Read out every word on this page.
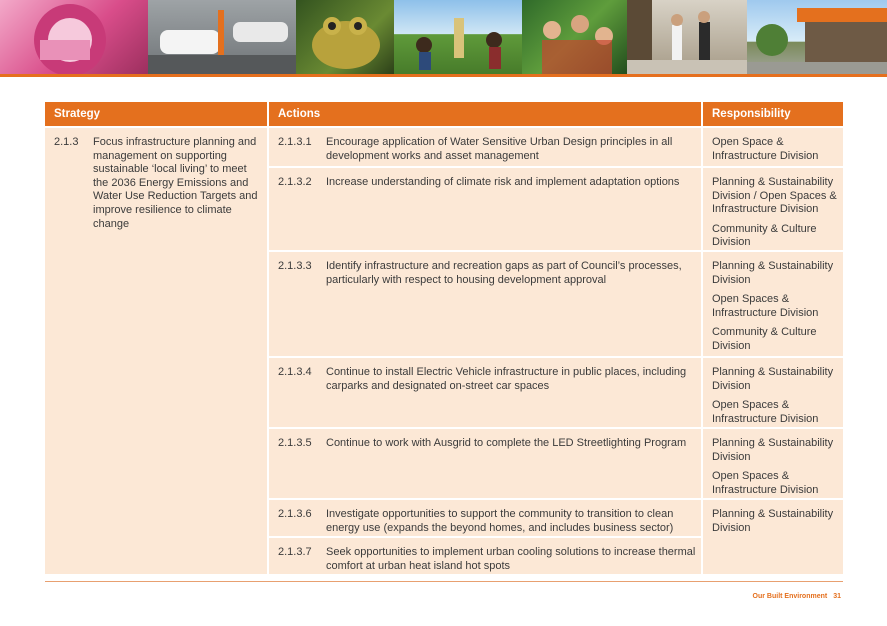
Strategy	Actions	Responsibility
2.1.3 Focus infrastructure planning and management on supporting sustainable ‘local living’ to meet the 2036 Energy Emissions and Water Use Reduction Targets and improve resilience to climate change
2.1.3.1 Encourage application of Water Sensitive Urban Design principles in all development works and asset management
2.1.3.2 Increase understanding of climate risk and implement adaptation options
2.1.3.3 Identify infrastructure and recreation gaps as part of Council’s processes, particularly with respect to housing development approval
2.1.3.4 Continue to install Electric Vehicle infrastructure in public places, including carparks and designated on-street car spaces
2.1.3.5 Continue to work with Ausgrid to complete the LED Streetlighting Program
2.1.3.6 Investigate opportunities to support the community to transition to clean energy use (expands the beyond homes, and includes business sector)
2.1.3.7 Seek opportunities to implement urban cooling solutions to increase thermal comfort at urban heat island hot spots

Open Space & Infrastructure Division

Planning & Sustainability Division / Open Spaces & Infrastructure Division

Community & Culture Division

Planning & Sustainability Division

Open Spaces & Infrastructure Division

Community & Culture Division

Planning & Sustainability Division

Open Spaces & Infrastructure Division

Planning & Sustainability Division

Open Spaces & Infrastructure Division

Planning & Sustainability Division

Our Built Environment 31
